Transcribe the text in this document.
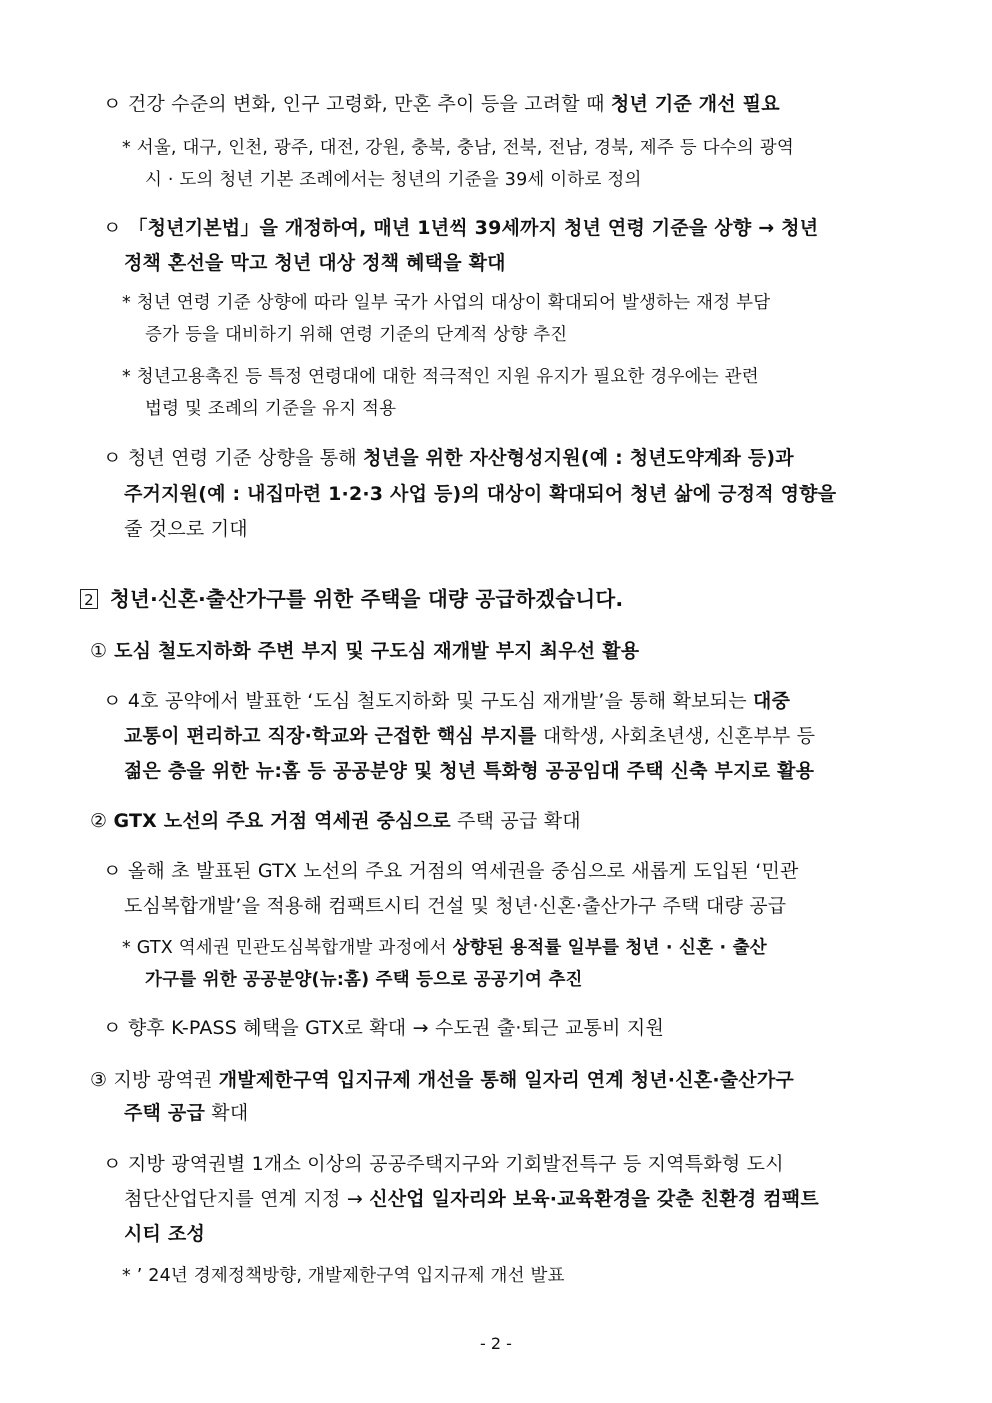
ㅇ 건강 수준의 변화, 인구 고령화, 만혼 추이 등을 고려할 때 청년 기준 개선 필요
* 서울, 대구, 인천, 광주, 대전, 강원, 충북, 충남, 전북, 전남, 경북, 제주 등 다수의 광역
시 · 도의 청년 기본 조례에서는 청년의 기준을 39세 이하로 정의
ㅇ 「청년기본법」을 개정하여, 매년 1년씩 39세까지 청년 연령 기준을 상향 → 청년
정책 혼선을 막고 청년 대상 정책 혜택을 확대
* 청년 연령 기준 상향에 따라 일부 국가 사업의 대상이 확대되어 발생하는 재정 부담
증가 등을 대비하기 위해 연령 기준의 단계적 상향 추진
* 청년고용촉진 등 특정 연령대에 대한 적극적인 지원 유지가 필요한 경우에는 관련
법령 및 조례의 기준을 유지 적용
ㅇ 청년 연령 기준 상향을 통해 청년을 위한 자산형성지원(예 : 청년도약계좌 등)과
주거지원(예 : 내집마련 1·2·3 사업 등)의 대상이 확대되어 청년 삶에 긍정적 영향을
줄 것으로 기대
2 청년·신혼·출산가구를 위한 주택을 대량 공급하겠습니다.
① 도심 철도지하화 주변 부지 및 구도심 재개발 부지 최우선 활용
ㅇ 4호 공약에서 발표한 ‘도심 철도지하화 및 구도심 재개발’을 통해 확보되는 대중
교통이 편리하고 직장·학교와 근접한 핵심 부지를 대학생, 사회초년생, 신혼부부 등
젊은 층을 위한 뉴:홈 등 공공분양 및 청년 특화형 공공임대 주택 신축 부지로 활용
② GTX 노선의 주요 거점 역세권 중심으로 주택 공급 확대
ㅇ 올해 초 발표된 GTX 노선의 주요 거점의 역세권을 중심으로 새롭게 도입된 ‘민관
도심복합개발’을 적용해 컴팩트시티 건설 및 청년·신혼·출산가구 주택 대량 공급
* GTX 역세권 민관도심복합개발 과정에서 상향된 용적률 일부를 청년 · 신혼 · 출산
가구를 위한 공공분양(뉴:홈) 주택 등으로 공공기여 추진
ㅇ 향후 K-PASS 혜택을 GTX로 확대 → 수도권 출·퇴근 교통비 지원
③ 지방 광역권 개발제한구역 입지규제 개선을 통해 일자리 연계 청년·신혼·출산가구
주택 공급 확대
ㅇ 지방 광역권별 1개소 이상의 공공주택지구와 기회발전특구 등 지역특화형 도시
첨단산업단지를 연계 지정 → 신산업 일자리와 보육·교육환경을 갖춘 친환경 컴팩트
시티 조성
* ’ 24년 경제정책방향, 개발제한구역 입지규제 개선 발표
- 2 -
